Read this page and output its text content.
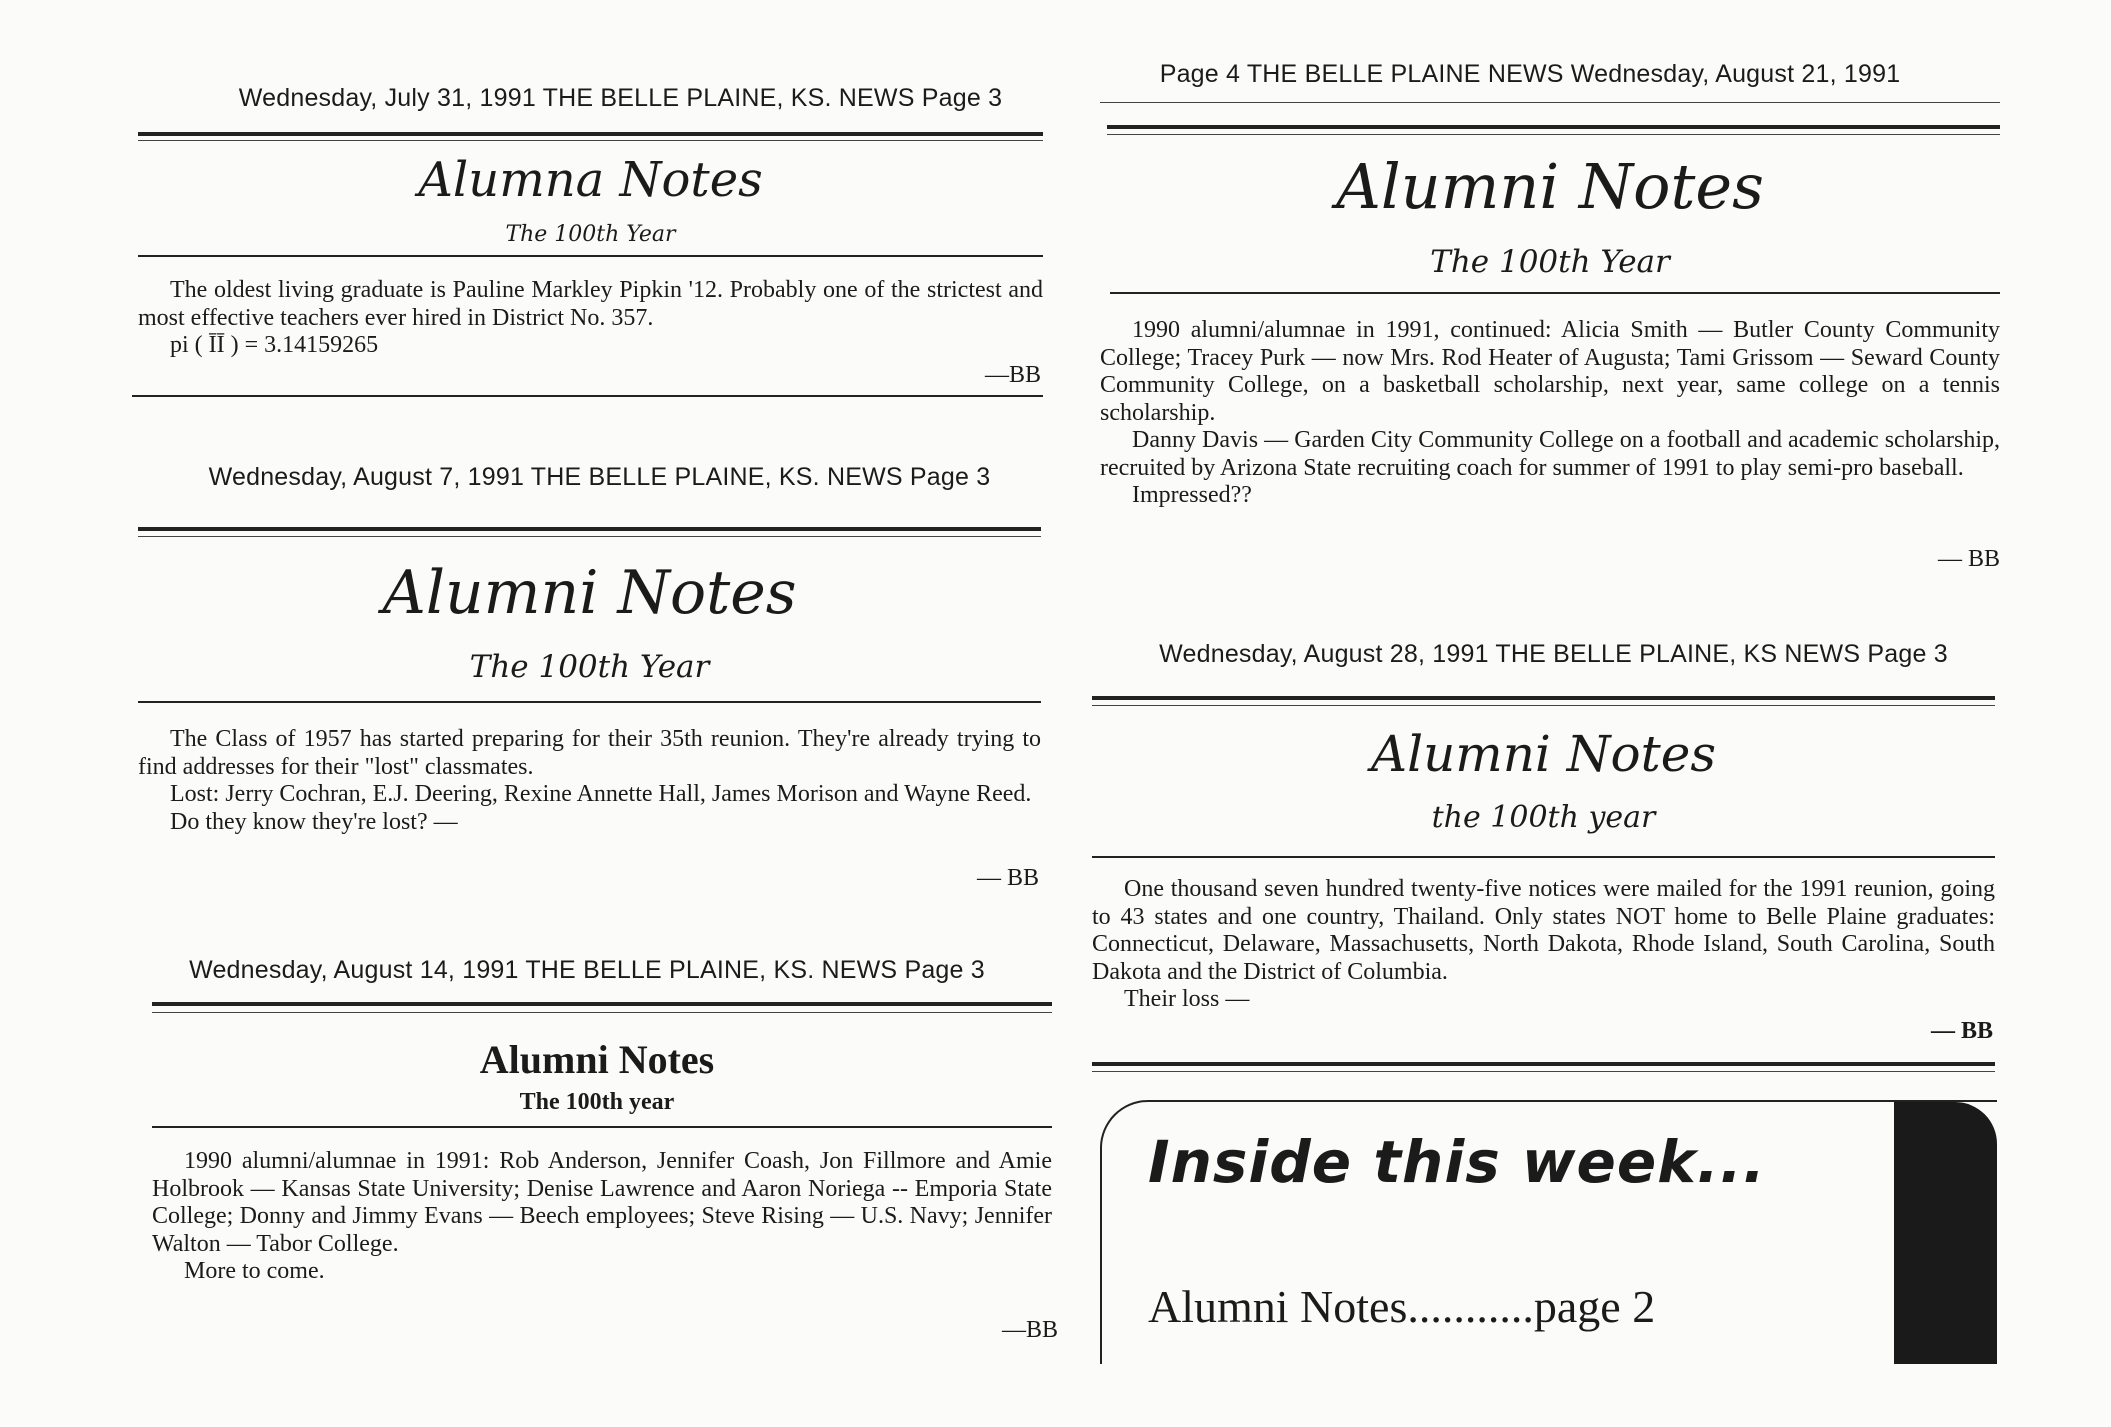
Wednesday, July 31, 1991 THE BELLE PLAINE, KS. NEWS Page 3
Alumna Notes
The 100th Year

The oldest living graduate is Pauline Markley Pipkin '12. Probably one of the strictest and most effective teachers ever hired in District No. 357.

pi ( ĪĪ ) = 3.14159265

—BB
Wednesday, August 7, 1991 THE BELLE PLAINE, KS. NEWS Page 3
Alumni Notes
The 100th Year

The Class of 1957 has started preparing for their 35th reunion. They're already trying to find addresses for their "lost" classmates.

Lost: Jerry Cochran, E.J. Deering, Rexine Annette Hall, James Morison and Wayne Reed.

Do they know they're lost? —

— BB
Wednesday, August 14, 1991 THE BELLE PLAINE, KS. NEWS Page 3
Alumni Notes
The 100th year

1990 alumni/alumnae in 1991: Rob Anderson, Jennifer Coash, Jon Fillmore and Amie Holbrook — Kansas State University; Denise Lawrence and Aaron Noriega -- Emporia State College; Donny and Jimmy Evans — Beech employees; Steve Rising — U.S. Navy; Jennifer Walton — Tabor College.

More to come.

—BB
Page 4 THE BELLE PLAINE NEWS Wednesday, August 21, 1991
Alumni Notes
The 100th Year

1990 alumni/alumnae in 1991, continued: Alicia Smith — Butler County Community College; Tracey Purk — now Mrs. Rod Heater of Augusta; Tami Grissom — Seward County Community College, on a basketball scholarship, next year, same college on a tennis scholarship.

Danny Davis — Garden City Community College on a football and academic scholarship, recruited by Arizona State recruiting coach for summer of 1991 to play semi-pro baseball.

Impressed??

— BB
Wednesday, August 28, 1991 THE BELLE PLAINE, KS NEWS Page 3
Alumni Notes
the 100th year

One thousand seven hundred twenty-five notices were mailed for the 1991 reunion, going to 43 states and one country, Thailand. Only states NOT home to Belle Plaine graduates: Connecticut, Delaware, Massachusetts, North Dakota, Rhode Island, South Carolina, South Dakota and the District of Columbia.

Their loss —

— BB
Inside this week...
Alumni Notes...........page 2
